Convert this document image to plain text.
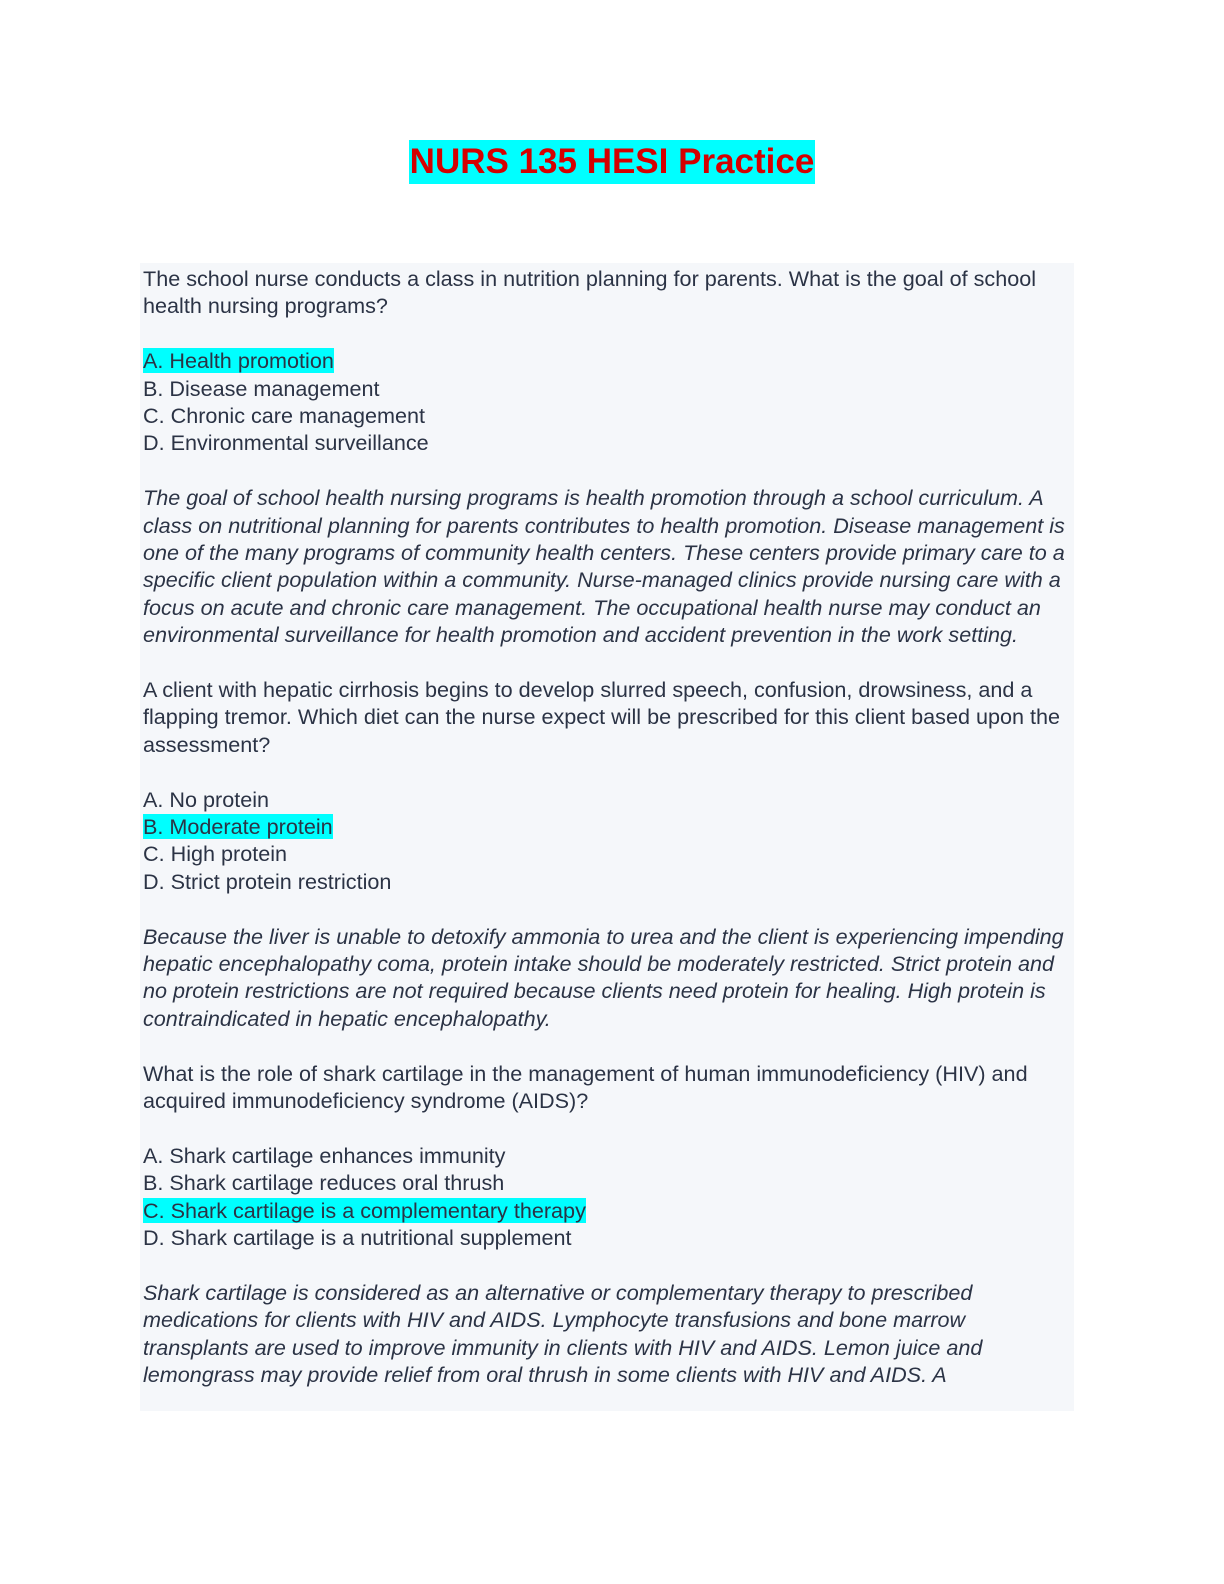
NURS 135 HESI Practice

The school nurse conducts a class in nutrition planning for parents. What is the goal of school health nursing programs?

A. Health promotion
B. Disease management
C. Chronic care management
D. Environmental surveillance

The goal of school health nursing programs is health promotion through a school curriculum. A class on nutritional planning for parents contributes to health promotion. Disease management is one of the many programs of community health centers. These centers provide primary care to a specific client population within a community. Nurse-managed clinics provide nursing care with a focus on acute and chronic care management. The occupational health nurse may conduct an environmental surveillance for health promotion and accident prevention in the work setting.

A client with hepatic cirrhosis begins to develop slurred speech, confusion, drowsiness, and a flapping tremor. Which diet can the nurse expect will be prescribed for this client based upon the assessment?

A. No protein
B. Moderate protein
C. High protein
D. Strict protein restriction

Because the liver is unable to detoxify ammonia to urea and the client is experiencing impending hepatic encephalopathy coma, protein intake should be moderately restricted. Strict protein and no protein restrictions are not required because clients need protein for healing. High protein is contraindicated in hepatic encephalopathy.

What is the role of shark cartilage in the management of human immunodeficiency (HIV) and acquired immunodeficiency syndrome (AIDS)?

A. Shark cartilage enhances immunity
B. Shark cartilage reduces oral thrush
C. Shark cartilage is a complementary therapy
D. Shark cartilage is a nutritional supplement

Shark cartilage is considered as an alternative or complementary therapy to prescribed medications for clients with HIV and AIDS. Lymphocyte transfusions and bone marrow transplants are used to improve immunity in clients with HIV and AIDS. Lemon juice and lemongrass may provide relief from oral thrush in some clients with HIV and AIDS. A
